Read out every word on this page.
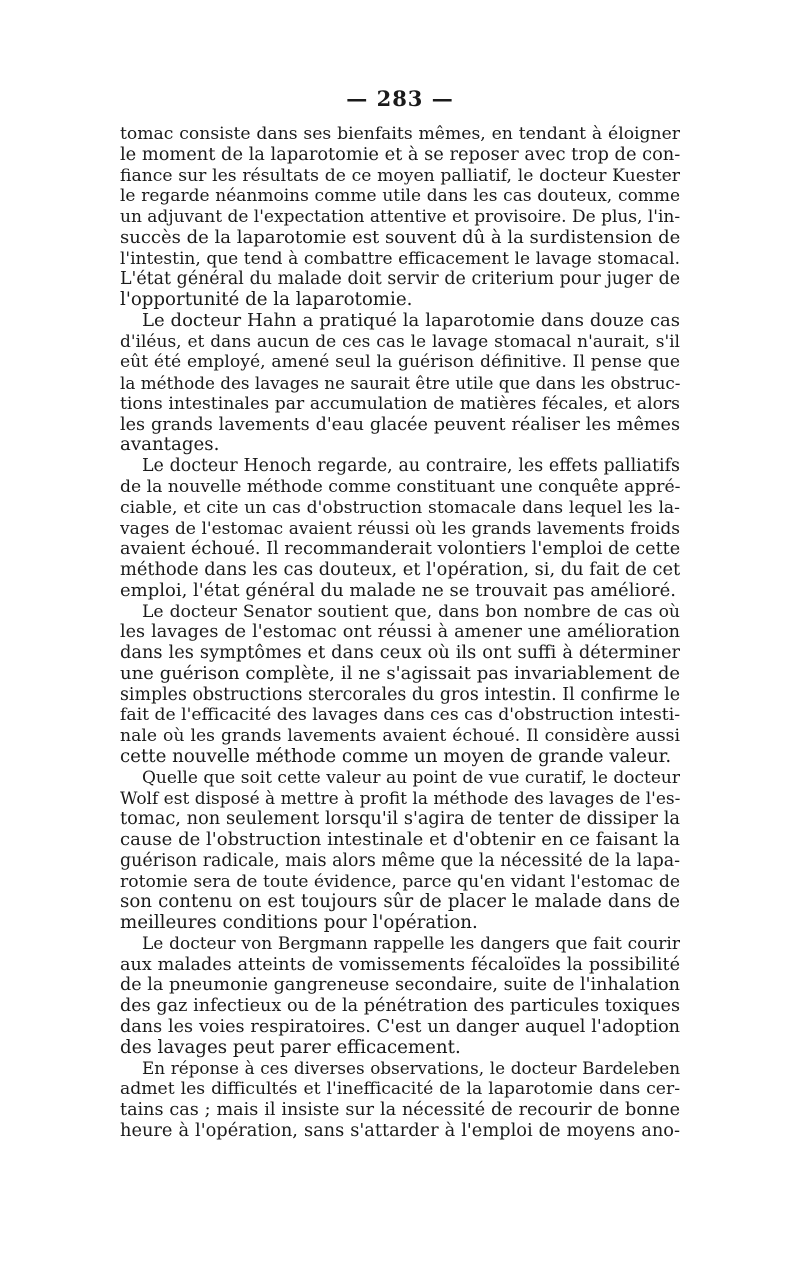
— 283 —
tomac consiste dans ses bienfaits mêmes, en tendant à éloigner
le moment de la laparotomie et à se reposer avec trop de con-
fiance sur les résultats de ce moyen palliatif, le docteur Kuester
le regarde néanmoins comme utile dans les cas douteux, comme
un adjuvant de l'expectation attentive et provisoire. De plus, l'in-
succès de la laparotomie est souvent dû à la surdistension de
l'intestin, que tend à combattre efficacement le lavage stomacal.
L'état général du malade doit servir de criterium pour juger de
l'opportunité de la laparotomie.
Le docteur Hahn a pratiqué la laparotomie dans douze cas
d'iléus, et dans aucun de ces cas le lavage stomacal n'aurait, s'il
eût été employé, amené seul la guérison définitive. Il pense que
la méthode des lavages ne saurait être utile que dans les obstruc-
tions intestinales par accumulation de matières fécales, et alors
les grands lavements d'eau glacée peuvent réaliser les mêmes
avantages.
Le docteur Henoch regarde, au contraire, les effets palliatifs
de la nouvelle méthode comme constituant une conquête appré-
ciable, et cite un cas d'obstruction stomacale dans lequel les la-
vages de l'estomac avaient réussi où les grands lavements froids
avaient échoué. Il recommanderait volontiers l'emploi de cette
méthode dans les cas douteux, et l'opération, si, du fait de cet
emploi, l'état général du malade ne se trouvait pas amélioré.
Le docteur Senator soutient que, dans bon nombre de cas où
les lavages de l'estomac ont réussi à amener une amélioration
dans les symptômes et dans ceux où ils ont suffi à déterminer
une guérison complète, il ne s'agissait pas invariablement de
simples obstructions stercorales du gros intestin. Il confirme le
fait de l'efficacité des lavages dans ces cas d'obstruction intesti-
nale où les grands lavements avaient échoué. Il considère aussi
cette nouvelle méthode comme un moyen de grande valeur.
Quelle que soit cette valeur au point de vue curatif, le docteur
Wolf est disposé à mettre à profit la méthode des lavages de l'es-
tomac, non seulement lorsqu'il s'agira de tenter de dissiper la
cause de l'obstruction intestinale et d'obtenir en ce faisant la
guérison radicale, mais alors même que la nécessité de la lapa-
rotomie sera de toute évidence, parce qu'en vidant l'estomac de
son contenu on est toujours sûr de placer le malade dans de
meilleures conditions pour l'opération.
Le docteur von Bergmann rappelle les dangers que fait courir
aux malades atteints de vomissements fécaloïdes la possibilité
de la pneumonie gangreneuse secondaire, suite de l'inhalation
des gaz infectieux ou de la pénétration des particules toxiques
dans les voies respiratoires. C'est un danger auquel l'adoption
des lavages peut parer efficacement.
En réponse à ces diverses observations, le docteur Bardeleben
admet les difficultés et l'inefficacité de la laparotomie dans cer-
tains cas ; mais il insiste sur la nécessité de recourir de bonne
heure à l'opération, sans s'attarder à l'emploi de moyens ano-
